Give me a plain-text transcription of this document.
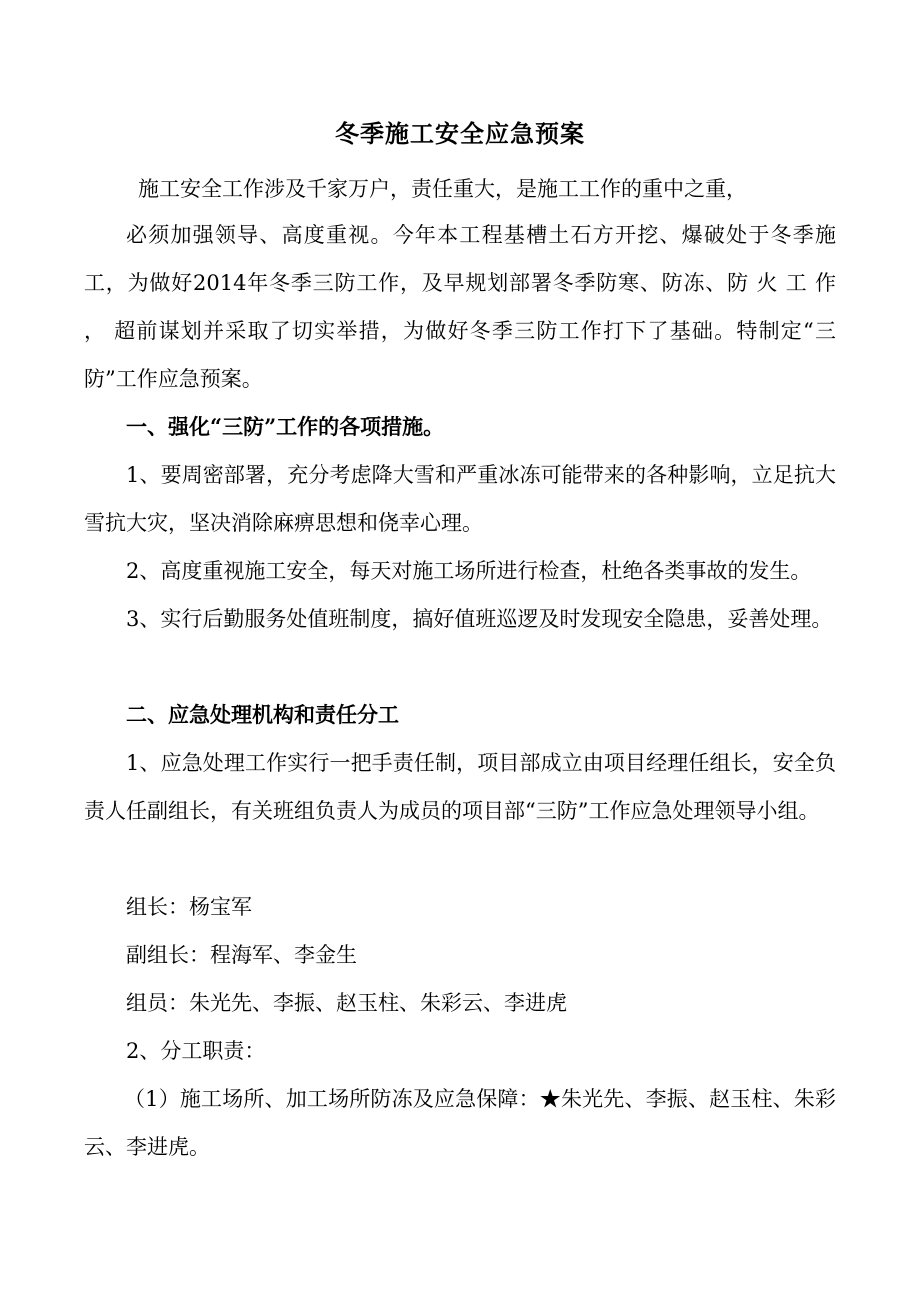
冬季施工安全应急预案

施工安全工作涉及千家万户，责任重大，是施工工作的重中之重，

必须加强领导、高度重视。今年本工程基槽土石方开挖、爆破处于冬季施工，为做好2014年冬季三防工作，及早规划部署冬季防寒、防冻、防 火 工 作 ， 超前谋划并采取了切实举措，为做好冬季三防工作打下了基础。特制定“三防”工作应急预案。

一、强化“三防”工作的各项措施。

1、要周密部署，充分考虑降大雪和严重冰冻可能带来的各种影响，立足抗大雪抗大灾，坚决消除麻痹思想和侥幸心理。

2、高度重视施工安全，每天对施工场所进行检查，杜绝各类事故的发生。

3、实行后勤服务处值班制度，搞好值班巡逻及时发现安全隐患，妥善处理。

二、应急处理机构和责任分工

1、应急处理工作实行一把手责任制，项目部成立由项目经理任组长，安全负责人任副组长，有关班组负责人为成员的项目部“三防”工作应急处理领导小组。

组长：杨宝军

副组长：程海军、李金生

组员：朱光先、李振、赵玉柱、朱彩云、李进虎

2、分工职责：

（1）施工场所、加工场所防冻及应急保障：★朱光先、李振、赵玉柱、朱彩云、李进虎。
